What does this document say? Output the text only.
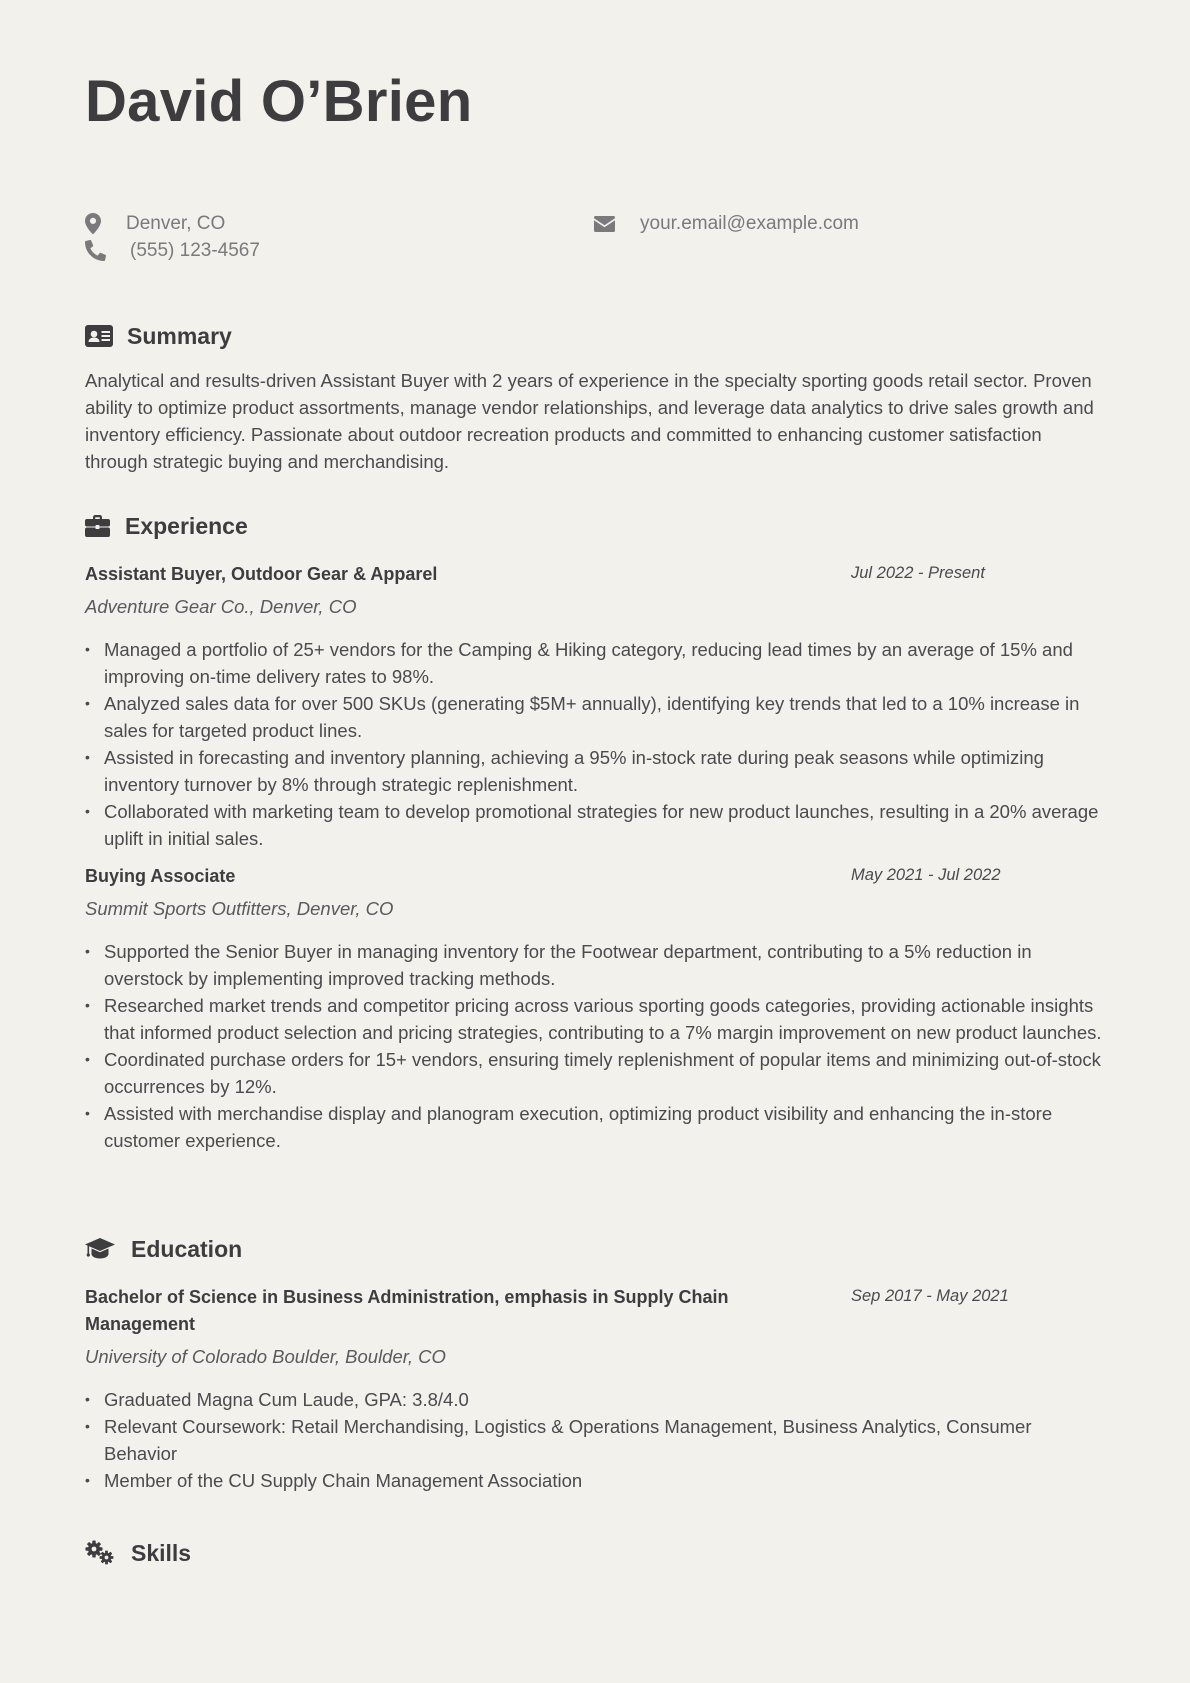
David O’Brien
Denver, CO
(555) 123-4567
your.email@example.com
Summary

Analytical and results-driven Assistant Buyer with 2 years of experience in the specialty sporting goods retail sector. Proven ability to optimize product assortments, manage vendor relationships, and leverage data analytics to drive sales growth and inventory efficiency. Passionate about outdoor recreation products and committed to enhancing customer satisfaction through strategic buying and merchandising.

Experience
Assistant Buyer, Outdoor Gear & Apparel	Jul 2022 - Present
Adventure Gear Co., Denver, CO
• Managed a portfolio of 25+ vendors for the Camping & Hiking category, reducing lead times by an average of 15% and improving on-time delivery rates to 98%.
• Analyzed sales data for over 500 SKUs (generating $5M+ annually), identifying key trends that led to a 10% increase in sales for targeted product lines.
• Assisted in forecasting and inventory planning, achieving a 95% in-stock rate during peak seasons while optimizing inventory turnover by 8% through strategic replenishment.
• Collaborated with marketing team to develop promotional strategies for new product launches, resulting in a 20% average uplift in initial sales.
Buying Associate	May 2021 - Jul 2022
Summit Sports Outfitters, Denver, CO
• Supported the Senior Buyer in managing inventory for the Footwear department, contributing to a 5% reduction in overstock by implementing improved tracking methods.
• Researched market trends and competitor pricing across various sporting goods categories, providing actionable insights that informed product selection and pricing strategies, contributing to a 7% margin improvement on new product launches.
• Coordinated purchase orders for 15+ vendors, ensuring timely replenishment of popular items and minimizing out-of-stock occurrences by 12%.
• Assisted with merchandise display and planogram execution, optimizing product visibility and enhancing the in-store customer experience.
Education
Bachelor of Science in Business Administration, emphasis in Supply Chain Management
Sep 2017 - May 2021
University of Colorado Boulder, Boulder, CO
• Graduated Magna Cum Laude, GPA: 3.8/4.0
• Relevant Coursework: Retail Merchandising, Logistics & Operations Management, Business Analytics, Consumer Behavior
• Member of the CU Supply Chain Management Association
Skills
